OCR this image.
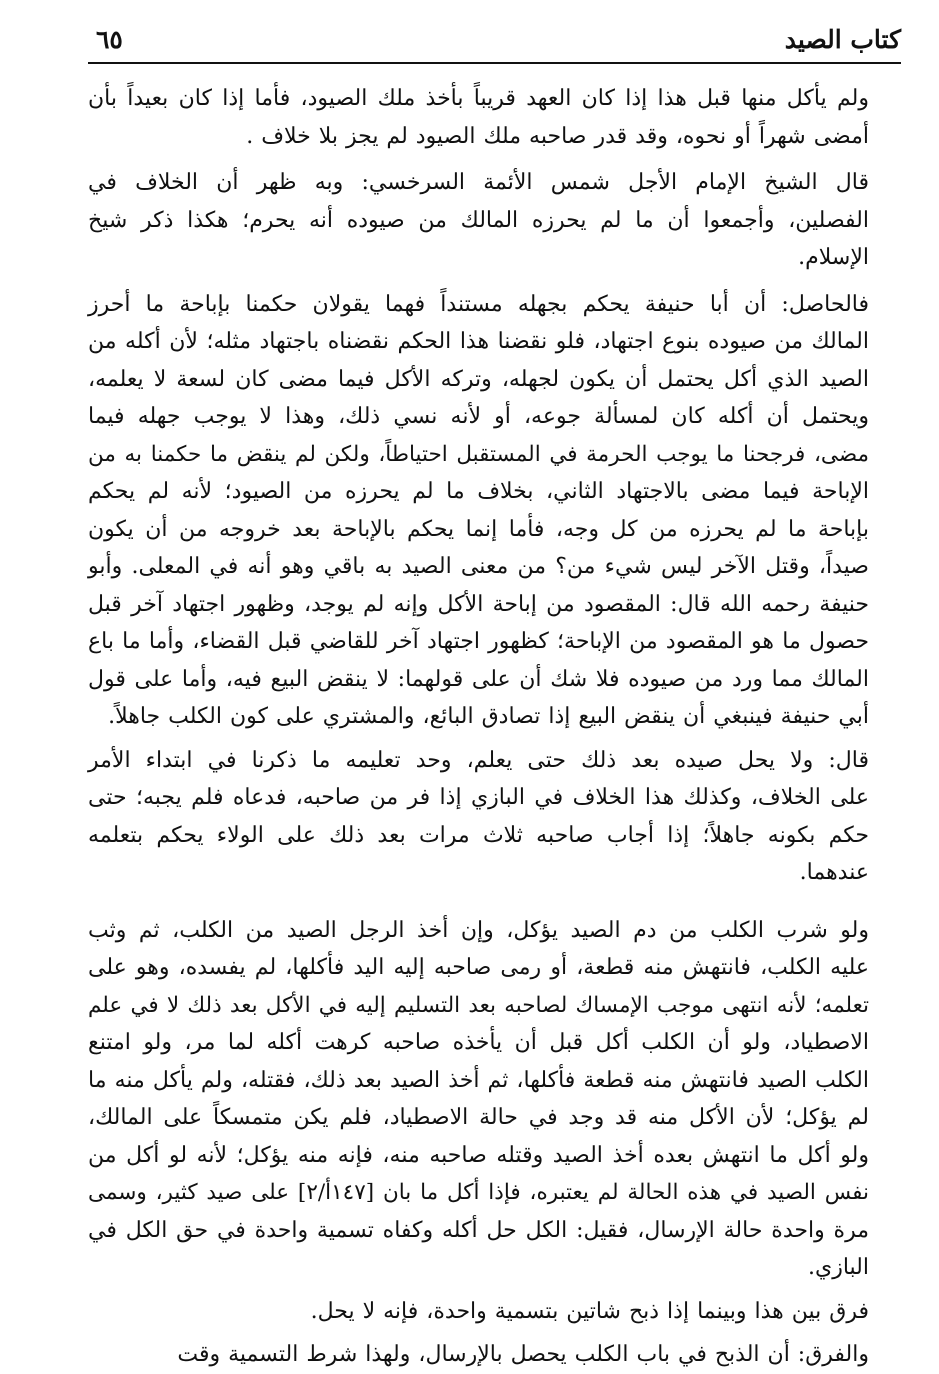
كتاب الصيد
٦٥

ولم يأكل منها قبل هذا إذا كان العهد قريباً بأخذ ملك الصيود، فأما إذا كان بعيداً بأن
أمضى شهراً أو نحوه، وقد قدر صاحبه ملك الصيود لم يجز بلا خلاف .

قال الشيخ الإمام الأجل شمس الأئمة السرخسي: وبه ظهر أن الخلاف في
الفصلين، وأجمعوا أن ما لم يحرزه المالك من صيوده أنه يحرم؛ هكذا ذكر شيخ
الإسلام.

فالحاصل: أن أبا حنيفة يحكم بجهله مستنداً فهما يقولان حكمنا بإباحة ما أحرز
المالك من صيوده بنوع اجتهاد، فلو نقضنا هذا الحكم نقضناه باجتهاد مثله؛ لأن أكله من
الصيد الذي أكل يحتمل أن يكون لجهله، وتركه الأكل فيما مضى كان لسعة لا يعلمه،
ويحتمل أن أكله كان لمسألة جوعه، أو لأنه نسي ذلك، وهذا لا يوجب جهله فيما
مضى، فرجحنا ما يوجب الحرمة في المستقبل احتياطاً، ولكن لم ينقض ما حكمنا به من
الإباحة فيما مضى بالاجتهاد الثاني، بخلاف ما لم يحرزه من الصيود؛ لأنه لم يحكم
بإباحة ما لم يحرزه من كل وجه، فأما إنما يحكم بالإباحة بعد خروجه من أن يكون
صيداً، وقتل الآخر ليس شيء من؟ من معنى الصيد به باقي وهو أنه في المعلى. وأبو
حنيفة رحمه الله قال: المقصود من إباحة الأكل وإنه لم يوجد، وظهور اجتهاد آخر قبل
حصول ما هو المقصود من الإباحة؛ كظهور اجتهاد آخر للقاضي قبل القضاء، وأما ما باع
المالك مما ورد من صيوده فلا شك أن على قولهما: لا ينقض البيع فيه، وأما على قول
أبي حنيفة فينبغي أن ينقض البيع إذا تصادق البائع، والمشتري على كون الكلب جاهلاً.

قال: ولا يحل صيده بعد ذلك حتى يعلم، وحد تعليمه ما ذكرنا في ابتداء الأمر
على الخلاف، وكذلك هذا الخلاف في البازي إذا فر من صاحبه، فدعاه فلم يجبه؛ حتى
حكم بكونه جاهلاً؛ إذا أجاب صاحبه ثلاث مرات بعد ذلك على الولاء يحكم بتعلمه
عندهما.

ولو شرب الكلب من دم الصيد يؤكل، وإن أخذ الرجل الصيد من الكلب، ثم وثب
عليه الكلب، فانتهش منه قطعة، أو رمى صاحبه إليه اليد فأكلها، لم يفسده، وهو على
تعلمه؛ لأنه انتهى موجب الإمساك لصاحبه بعد التسليم إليه في الأكل بعد ذلك لا في علم
الاصطياد، ولو أن الكلب أكل قبل أن يأخذه صاحبه كرهت أكله لما مر، ولو امتنع
الكلب الصيد فانتهش منه قطعة فأكلها، ثم أخذ الصيد بعد ذلك، فقتله، ولم يأكل منه ما
لم يؤكل؛ لأن الأكل منه قد وجد في حالة الاصطياد، فلم يكن متمسكاً على المالك،
ولو أكل ما انتهش بعده أخذ الصيد وقتله صاحبه منه، فإنه منه يؤكل؛ لأنه لو أكل من
نفس الصيد في هذه الحالة لم يعتبره، فإذا أكل ما بان [١٤٧أ/٢] على صيد كثير، وسمى
مرة واحدة حالة الإرسال، فقيل: الكل حل أكله وكفاه تسمية واحدة في حق الكل في
البازي.

فرق بين هذا وبينما إذا ذبح شاتين بتسمية واحدة، فإنه لا يحل.

والفرق: أن الذبح في باب الكلب يحصل بالإرسال، ولهذا شرط التسمية وقت
